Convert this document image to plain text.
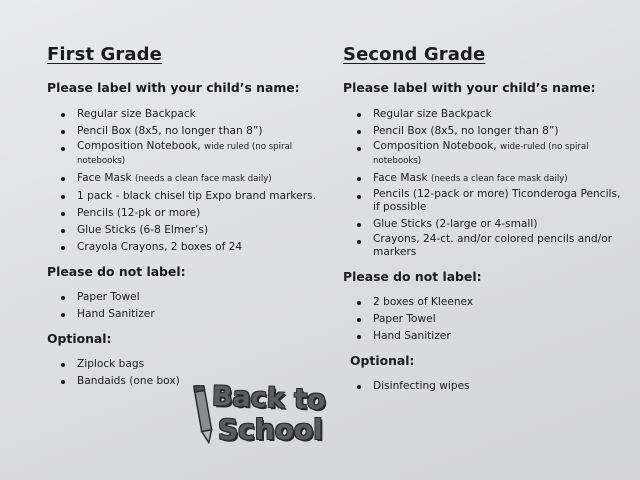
First Grade
Please label with your child’s name:
Regular size Backpack
Pencil Box (8x5, no longer than 8”)
Composition Notebook, wide ruled (no spiral notebooks)
Face Mask (needs a clean face mask daily)
1 pack - black chisel tip Expo brand markers.
Pencils (12-pk or more)
Glue Sticks (6-8 Elmer’s)
Crayola Crayons, 2 boxes of 24
Please do not label:
Paper Towel
Hand Sanitizer
Optional:
Ziplock bags
Bandaids (one box)
Second Grade
Please label with your child’s name:
Regular size Backpack
Pencil Box (8x5, no longer than 8”)
Composition Notebook, wide-ruled (no spiral notebooks)
Face Mask (needs a clean face mask daily)
Pencils (12-pack or more) Ticonderoga Pencils, if possible
Glue Sticks (2-large or 4-small)
Crayons, 24-ct. and/or colored pencils and/or markers
Please do not label:
2 boxes of Kleenex
Paper Towel
Hand Sanitizer
Optional:
Disinfecting wipes
Back to
School
